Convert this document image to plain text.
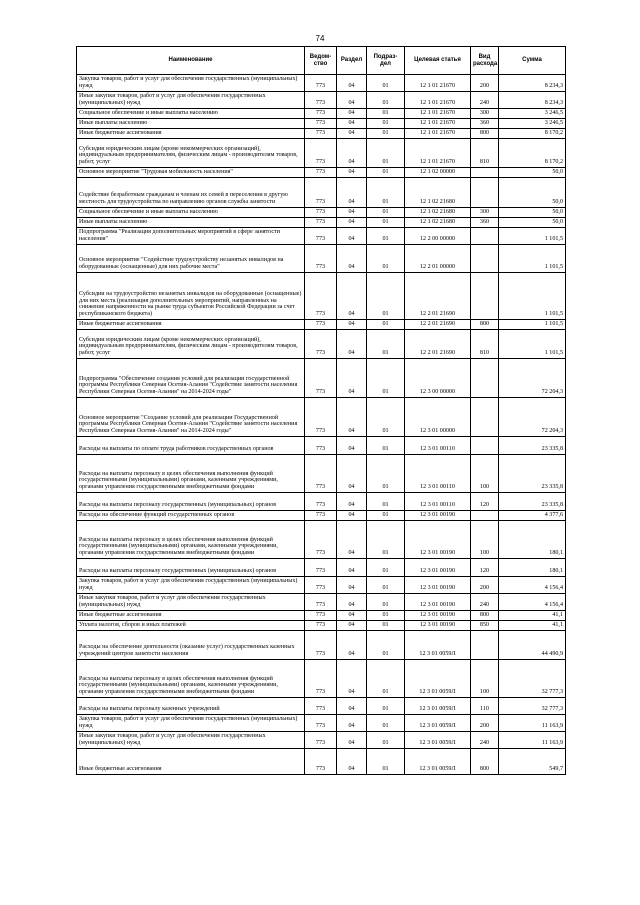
74
Наименование	Ведом-ство	Раздел	Подраз-дел	Целевая статья	Вид расхода	Сумма
Закупка товаров, работ и услуг для обеспечения государственных (муниципальных) нужд	773	04	01	12 1 01 21670	200	8 234,3
Иные закупки товаров, работ и услуг для обеспечения государственных (муниципальных) нужд	773	04	01	12 1 01 21670	240	8 234,3
Социальное обеспечение и иные выплаты населению	773	04	01	12 1 01 21670	300	3 246,5
Иные выплаты населению	773	04	01	12 1 01 21670	360	3 246,5
Иные бюджетные ассигнования	773	04	01	12 1 01 21670	800	8 170,2
Субсидии юридическим лицам (кроме некоммерческих организаций), индивидуальным предпринимателям, физическим лицам - производителям товаров, работ, услуг	773	04	01	12 1 01 21670	810	8 170,2
Основное мероприятие "Трудовая мобильность населения"	773	04	01	12 1 02 00000		50,0
Содействие безработным гражданам и членам их семей в переселении в другую местность для трудоустройства по направлению органов службы занятости	773	04	01	12 1 02 21680		50,0
Социальное обеспечение и иные выплаты населению	773	04	01	12 1 02 21680	300	50,0
Иные выплаты населению	773	04	01	12 1 02 21680	360	50,0
Подпрограмма "Реализация дополнительных мероприятий в сфере занятости населения"	773	04	01	12 2 00 00000		1 101,5
Основное мероприятие "Содействие трудоустройству незанятых инвалидов на оборудованные (оснащенные) для них рабочие места"	773	04	01	12 2 01 00000		1 101,5
Субсидии на трудоустройство незанятых инвалидов на оборудованные (оснащенные) для них места (реализация дополнительных мероприятий, направленных на снижение напряженности на рынке труда субъектов Российской Федерации за счет республиканского бюджета)	773	04	01	12 2 01 21690		1 101,5
Иные бюджетные ассигнования	773	04	01	12 2 01 21690	800	1 101,5
Субсидии юридическим лицам (кроме некоммерческих организаций), индивидуальным предпринимателям, физическим лицам - производителям товаров, работ, услуг	773	04	01	12 2 01 21690	810	1 101,5
Подпрограмма "Обеспечение создания условий для реализации государственной программы Республики Северная Осетия-Алания "Содействие занятости населения Республики Северная Осетия-Алания" на 2014-2024 годы"	773	04	01	12 3 00 00000		72 204,3
Основное мероприятие "Создание условий для реализации Государственной программы Республики Северная Осетия-Алания "Содействие занятости населения Республики Северная Осетия-Алания" на 2014-2024 годы"	773	04	01	12 3 01 00000		72 204,3
Расходы на выплаты по оплате труда работников государственных органов	773	04	01	12 3 01 00110		23 335,8
Расходы на выплаты персоналу в целях обеспечения выполнения функций государственными (муниципальными) органами, казенными учреждениями, органами управления государственными внебюджетными фондами	773	04	01	12 3 01 00110	100	23 335,8
Расходы на выплаты персоналу государственных (муниципальных) органов	773	04	01	12 3 01 00110	120	23 335,8
Расходы на обеспечение функций государственных органов	773	04	01	12 3 01 00190		4 377,6
Расходы на выплаты персоналу в целях обеспечения выполнения функций государственными (муниципальными) органами, казенными учреждениями, органами управления государственными внебюджетными фондами	773	04	01	12 3 01 00190	100	180,1
Расходы на выплаты персоналу государственных (муниципальных) органов	773	04	01	12 3 01 00190	120	180,1
Закупка товаров, работ и услуг для обеспечения государственных (муниципальных) нужд	773	04	01	12 3 01 00190	200	4 156,4
Иные закупки товаров, работ и услуг для обеспечения государственных (муниципальных) нужд	773	04	01	12 3 01 00190	240	4 156,4
Иные бюджетные ассигнования	773	04	01	12 3 01 00190	800	41,1
Уплата налогов, сборов и иных платежей	773	04	01	12 3 01 00190	850	41,1
Расходы на обеспечение деятельности (оказание услуг) государственных казенных учреждений центров занятости населения	773	04	01	12 3 01 0059Л		44 490,9
Расходы на выплаты персоналу в целях обеспечения выполнения функций государственными (муниципальными) органами, казенными учреждениями, органами управления государственными внебюджетными фондами	773	04	01	12 3 01 0059Л	100	32 777,3
Расходы на выплаты персоналу казенных учреждений	773	04	01	12 3 01 0059Л	110	32 777,3
Закупка товаров, работ и услуг для обеспечения государственных (муниципальных) нужд	773	04	01	12 3 01 0059Л	200	11 163,9
Иные закупки товаров, работ и услуг для обеспечения государственных (муниципальных) нужд	773	04	01	12 3 01 0059Л	240	11 163,9
Иные бюджетные ассигнования	773	04	01	12 3 01 0059Л	800	549,7
